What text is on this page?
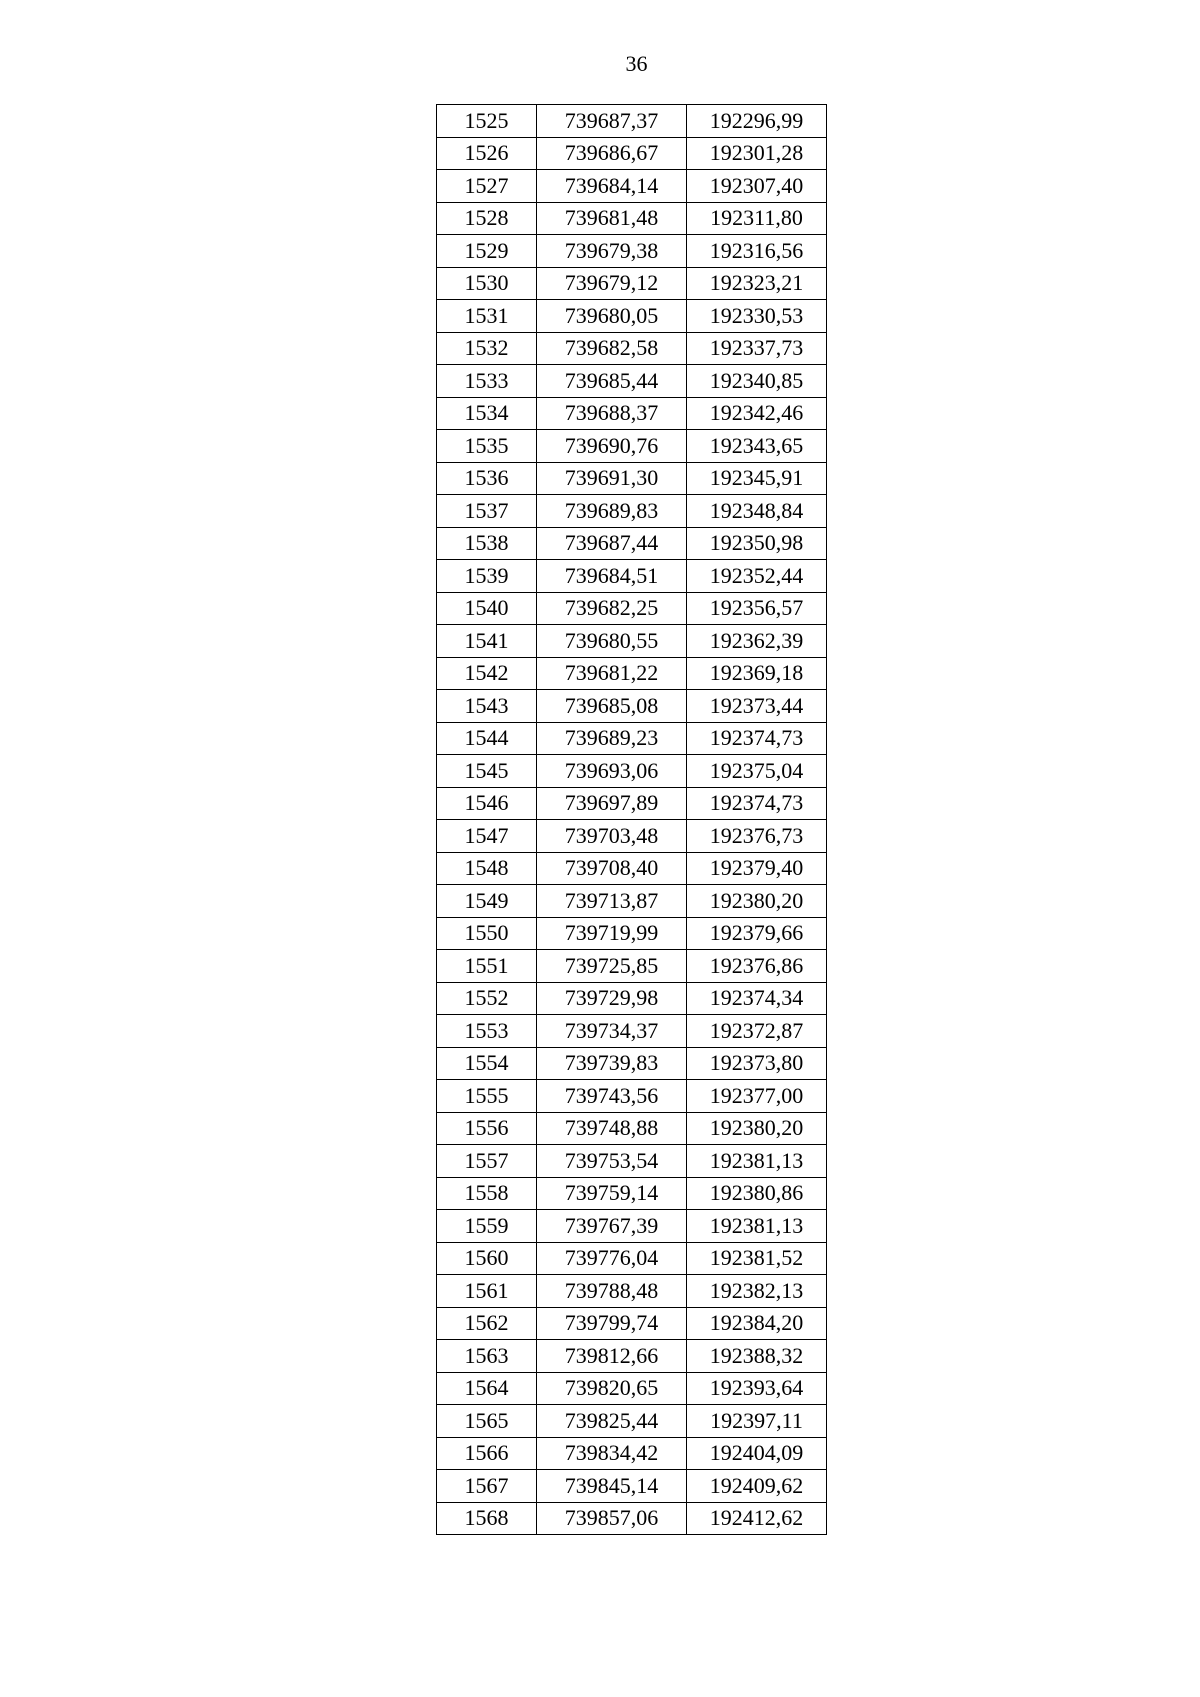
36
1525	739687,37	192296,99
1526	739686,67	192301,28
1527	739684,14	192307,40
1528	739681,48	192311,80
1529	739679,38	192316,56
1530	739679,12	192323,21
1531	739680,05	192330,53
1532	739682,58	192337,73
1533	739685,44	192340,85
1534	739688,37	192342,46
1535	739690,76	192343,65
1536	739691,30	192345,91
1537	739689,83	192348,84
1538	739687,44	192350,98
1539	739684,51	192352,44
1540	739682,25	192356,57
1541	739680,55	192362,39
1542	739681,22	192369,18
1543	739685,08	192373,44
1544	739689,23	192374,73
1545	739693,06	192375,04
1546	739697,89	192374,73
1547	739703,48	192376,73
1548	739708,40	192379,40
1549	739713,87	192380,20
1550	739719,99	192379,66
1551	739725,85	192376,86
1552	739729,98	192374,34
1553	739734,37	192372,87
1554	739739,83	192373,80
1555	739743,56	192377,00
1556	739748,88	192380,20
1557	739753,54	192381,13
1558	739759,14	192380,86
1559	739767,39	192381,13
1560	739776,04	192381,52
1561	739788,48	192382,13
1562	739799,74	192384,20
1563	739812,66	192388,32
1564	739820,65	192393,64
1565	739825,44	192397,11
1566	739834,42	192404,09
1567	739845,14	192409,62
1568	739857,06	192412,62
